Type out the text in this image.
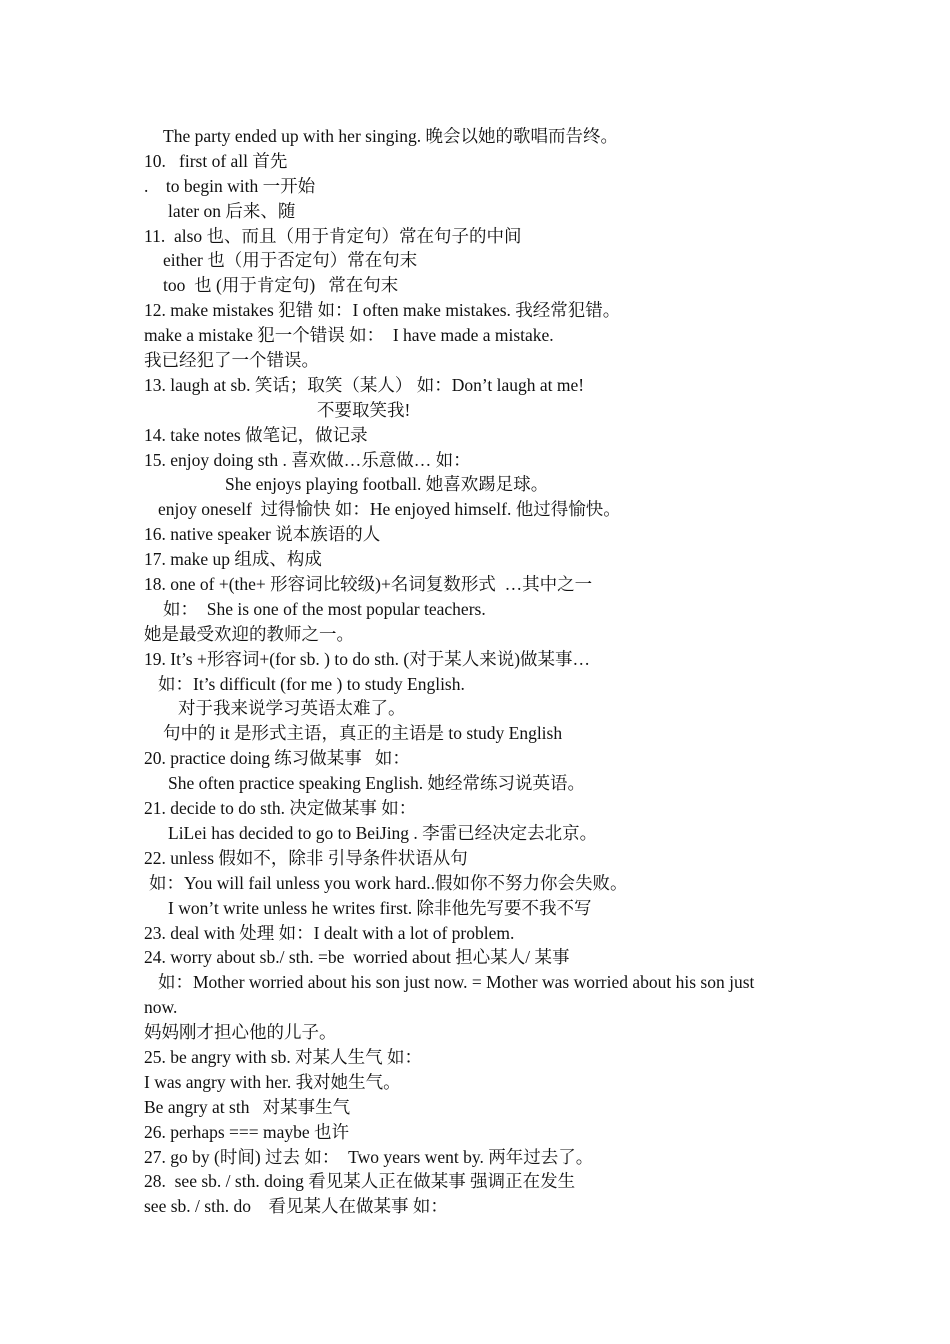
The party ended up with her singing. 晚会以她的歌唱而告终。
10.   first of all 首先
.    to begin with 一开始
later on 后来、随
11.  also 也、而且（用于肯定句）常在句子的中间
either 也（用于否定句）常在句末
too  也 (用于肯定句)   常在句末
12. make mistakes 犯错 如：I often make mistakes. 我经常犯错。
make a mistake 犯一个错误 如：  I have made a mistake.
我已经犯了一个错误。
13. laugh at sb. 笑话；取笑（某人） 如：Don’t laugh at me!
不要取笑我!
14. take notes 做笔记，做记录
15. enjoy doing sth . 喜欢做…乐意做… 如：
She enjoys playing football. 她喜欢踢足球。
enjoy oneself  过得愉快 如：He enjoyed himself. 他过得愉快。
16. native speaker 说本族语的人
17. make up 组成、构成
18. one of +(the+ 形容词比较级)+名词复数形式  …其中之一
如：  She is one of the most popular teachers.
她是最受欢迎的教师之一。
19. It’s +形容词+(for sb. ) to do sth. (对于某人来说)做某事…
如：It’s difficult (for me ) to study English.
对于我来说学习英语太难了。
句中的 it 是形式主语，真正的主语是 to study English
20. practice doing 练习做某事   如：
She often practice speaking English. 她经常练习说英语。
21. decide to do sth. 决定做某事 如：
LiLei has decided to go to BeiJing . 李雷已经决定去北京。
22. unless 假如不，除非 引导条件状语从句
如：You will fail unless you work hard..假如你不努力你会失败。
I won’t write unless he writes first. 除非他先写要不我不写
23. deal with 处理 如：I dealt with a lot of problem.
24. worry about sb./ sth. =be  worried about 担心某人/ 某事
如：Mother worried about his son just now. = Mother was worried about his son just
now.
妈妈刚才担心他的儿子。
25. be angry with sb. 对某人生气 如：
I was angry with her. 我对她生气。
Be angry at sth   对某事生气
26. perhaps === maybe 也许
27. go by (时间) 过去 如：  Two years went by. 两年过去了。
28.  see sb. / sth. doing 看见某人正在做某事 强调正在发生
see sb. / sth. do    看见某人在做某事 如：
